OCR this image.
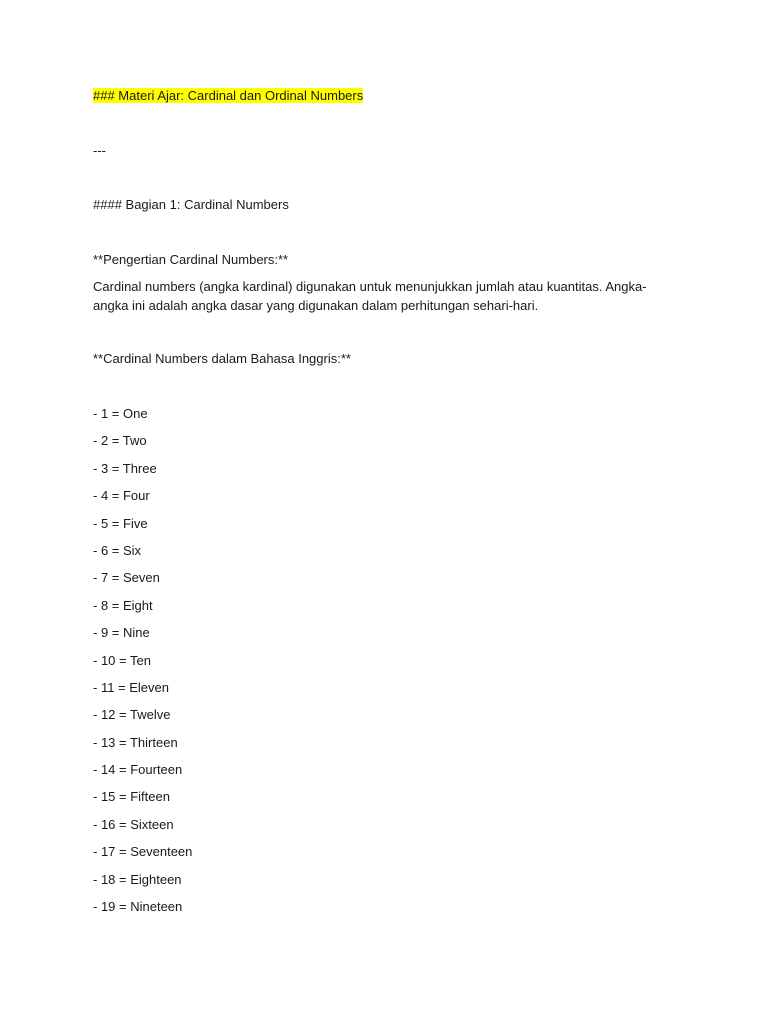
### Materi Ajar: Cardinal dan Ordinal Numbers
---
#### Bagian 1: Cardinal Numbers
**Pengertian Cardinal Numbers:**
Cardinal numbers (angka kardinal) digunakan untuk menunjukkan jumlah atau kuantitas. Angka-angka ini adalah angka dasar yang digunakan dalam perhitungan sehari-hari.
**Cardinal Numbers dalam Bahasa Inggris:**
- 1 = One
- 2 = Two
- 3 = Three
- 4 = Four
- 5 = Five
- 6 = Six
- 7 = Seven
- 8 = Eight
- 9 = Nine
- 10 = Ten
- 11 = Eleven
- 12 = Twelve
- 13 = Thirteen
- 14 = Fourteen
- 15 = Fifteen
- 16 = Sixteen
- 17 = Seventeen
- 18 = Eighteen
- 19 = Nineteen
